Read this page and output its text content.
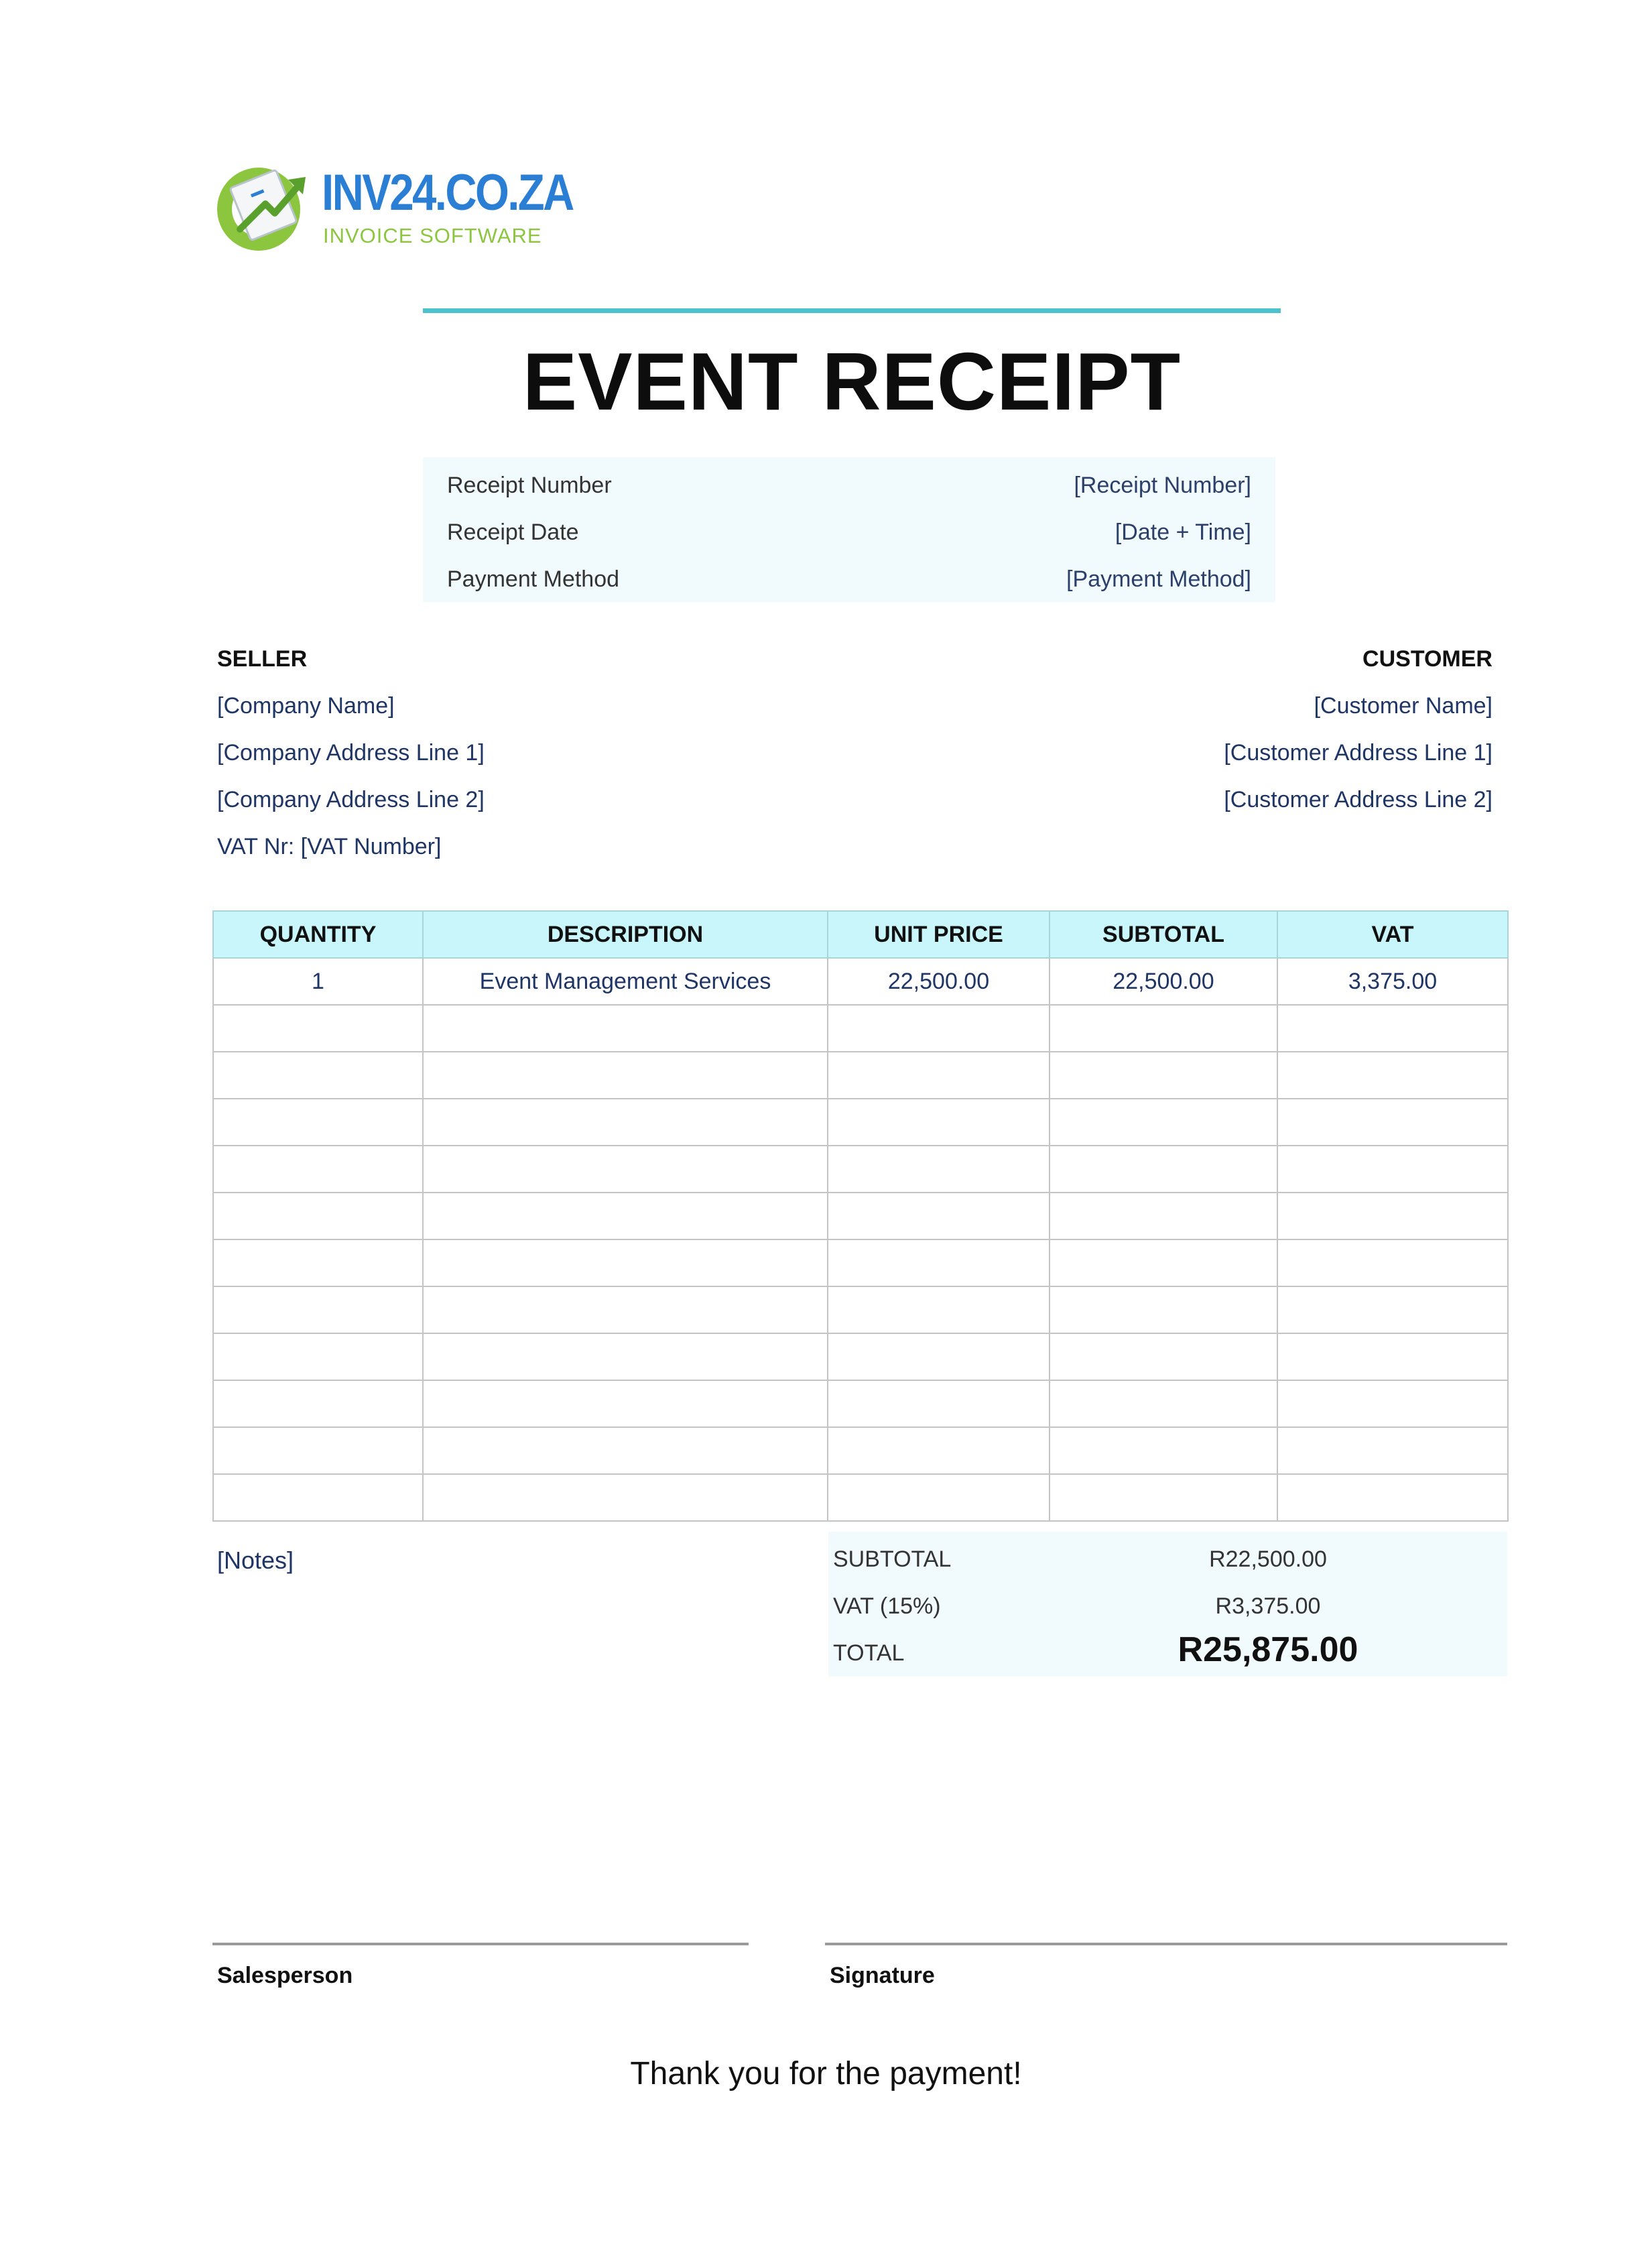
INV24.CO.ZA
INVOICE SOFTWARE
EVENT RECEIPT
Receipt Number	[Receipt Number]
Receipt Date	[Date + Time]
Payment Method	[Payment Method]
SELLER
[Company Name]
[Company Address Line 1]
[Company Address Line 2]
VAT Nr: [VAT Number]
CUSTOMER
[Customer Name]
[Customer Address Line 1]
[Customer Address Line 2]
QUANTITY	DESCRIPTION	UNIT PRICE	SUBTOTAL	VAT
1	Event Management Services	22,500.00	22,500.00	3,375.00

[Notes]	SUBTOTAL	R22,500.00
VAT (15%)	R3,375.00
TOTAL	R25,875.00
Salesperson	Signature
Thank you for the payment!
